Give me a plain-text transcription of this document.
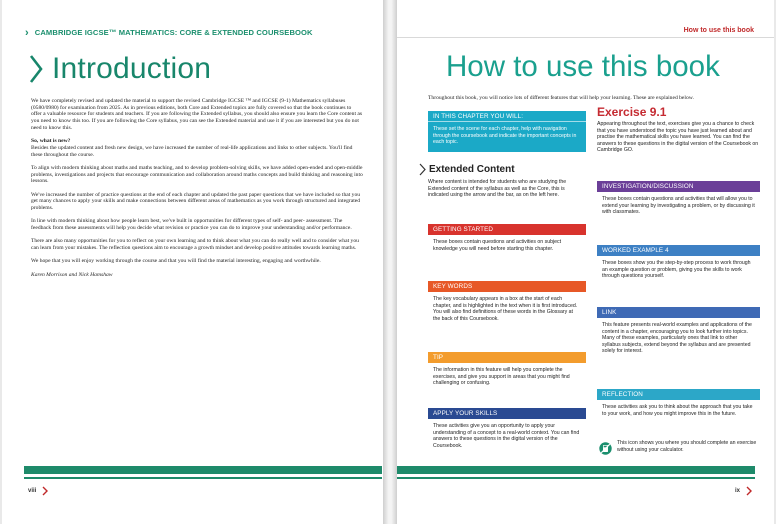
› CAMBRIDGE IGCSE™ MATHEMATICS: CORE & EXTENDED COURSEBOOK
Introduction

We have completely revised and updated the material to support the revised Cambridge IGCSE ™ and IGCSE (9-1) Mathematics syllabuses (0580/0980) for examination from 2025. As in previous editions, both Core and Extended topics are fully covered so that the book continues to offer a valuable resource for students and teachers. If you are following the Extended syllabus, you should also ensure you learn the Core content as you need to know this too. If you are following the Core syllabus, you can see the Extended material and use it if you are interested but you do not need to know this.

So, what is new?

Besides the updated content and fresh new design, we have increased the number of real-life applications and links to other subjects. You'll find these throughout the course.

To align with modern thinking about maths and maths teaching, and to develop problem-solving skills, we have added open-ended and open-middle problems, investigations and projects that encourage communication and collaboration around maths concepts and build thinking and reasoning into lessons.

We've increased the number of practice questions at the end of each chapter and updated the past paper questions that we have included so that you get many chances to apply your skills and make connections between different areas of mathematics as you work through structured and integrated problems.

In line with modern thinking about how people learn best, we've built in opportunities for different types of self- and peer- assessment. The feedback from these assessments will help you decide what revision or practice you can do to improve your understanding and/or performance.

There are also many opportunities for you to reflect on your own learning and to think about what you can do really well and to consider what you can learn from your mistakes. The reflection questions aim to encourage a growth mindset and develop positive attitudes towards learning maths.

We hope that you will enjoy working through the course and that you will find the material interesting, engaging and worthwhile.

Karen Morrison and Nick Hamshaw

viii
How to use this book
How to use this book
Throughout this book, you will notice lots of different features that will help your learning. These are explained below.
IN THIS CHAPTER YOU WILL:
These set the scene for each chapter, help with navigation through the coursebook and indicate the important concepts in each topic.
Extended Content
Where content is intended for students who are studying the Extended content of the syllabus as well as the Core, this is indicated using the arrow and the bar, as on the left here.
Exercise 9.1
Appearing throughout the text, exercises give you a chance to check that you have understood the topic you have just learned about and practise the mathematical skills you have learned. You can find the answers to these questions in the digital version of the Coursebook on Cambridge GO.
GETTING STARTED
These boxes contain questions and activities on subject knowledge you will need before starting this chapter.
KEY WORDS
The key vocabulary appears in a box at the start of each chapter, and is highlighted in the text when it is first introduced. You will also find definitions of these words in the Glossary at the back of this Coursebook.
TIP
The information in this feature will help you complete the exercises, and give you support in areas that you might find challenging or confusing.
APPLY YOUR SKILLS
These activities give you an opportunity to apply your understanding of a concept to a real-world context. You can find answers to these questions in the digital version of the Coursebook.
INVESTIGATION/DISCUSSION
These boxes contain questions and activities that will allow you to extend your learning by investigating a problem, or by discussing it with classmates.
WORKED EXAMPLE 4
These boxes show you the step-by-step process to work through an example question or problem, giving you the skills to work through questions yourself.
LINK
This feature presents real-world examples and applications of the content in a chapter, encouraging you to look further into topics. Many of these examples, particularly ones that link to other syllabus subjects, extend beyond the syllabus and are presented solely for interest.
REFLECTION
These activities ask you to think about the approach that you take to your work, and how you might improve this in the future.
This icon shows you where you should complete an exercise without using your calculator.
ix
